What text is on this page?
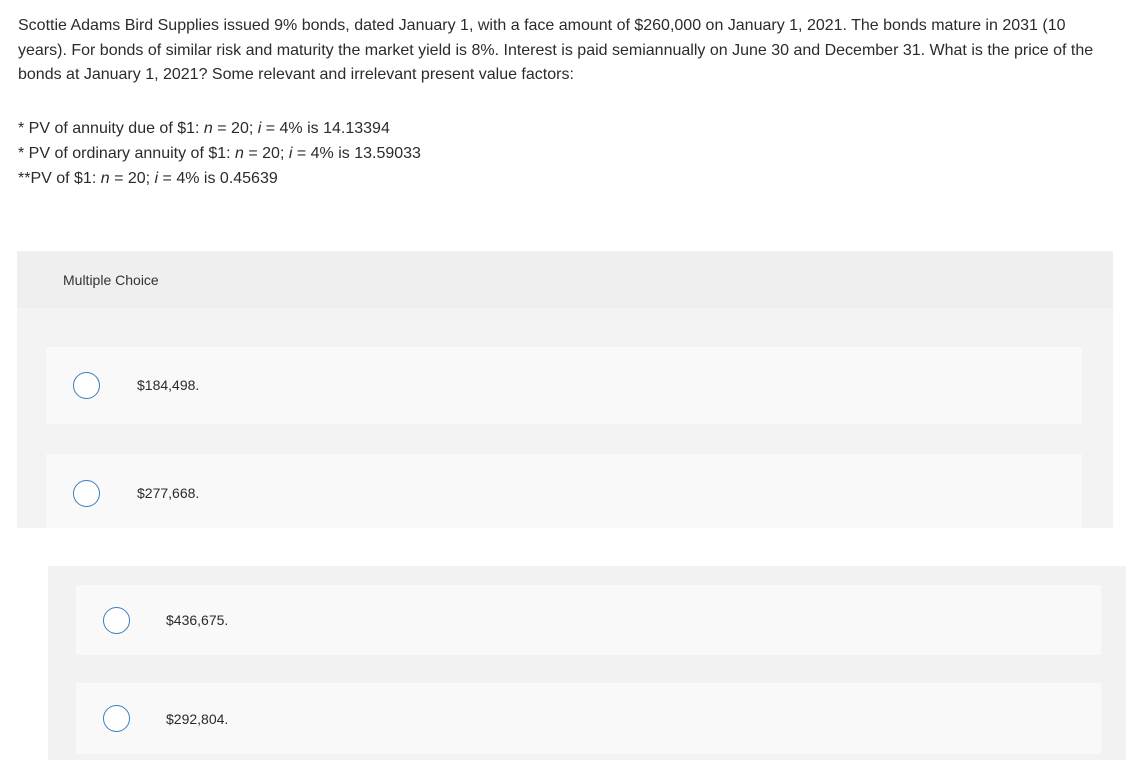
Scottie Adams Bird Supplies issued 9% bonds, dated January 1, with a face amount of $260,000 on January 1, 2021. The bonds mature in 2031 (10 years). For bonds of similar risk and maturity the market yield is 8%. Interest is paid semiannually on June 30 and December 31. What is the price of the bonds at January 1, 2021? Some relevant and irrelevant present value factors:
* PV of annuity due of $1: n = 20; i = 4% is 14.13394
* PV of ordinary annuity of $1: n = 20; i = 4% is 13.59033
**PV of $1: n = 20; i = 4% is 0.45639
Multiple Choice
$184,498.
$277,668.
$436,675.
$292,804.
